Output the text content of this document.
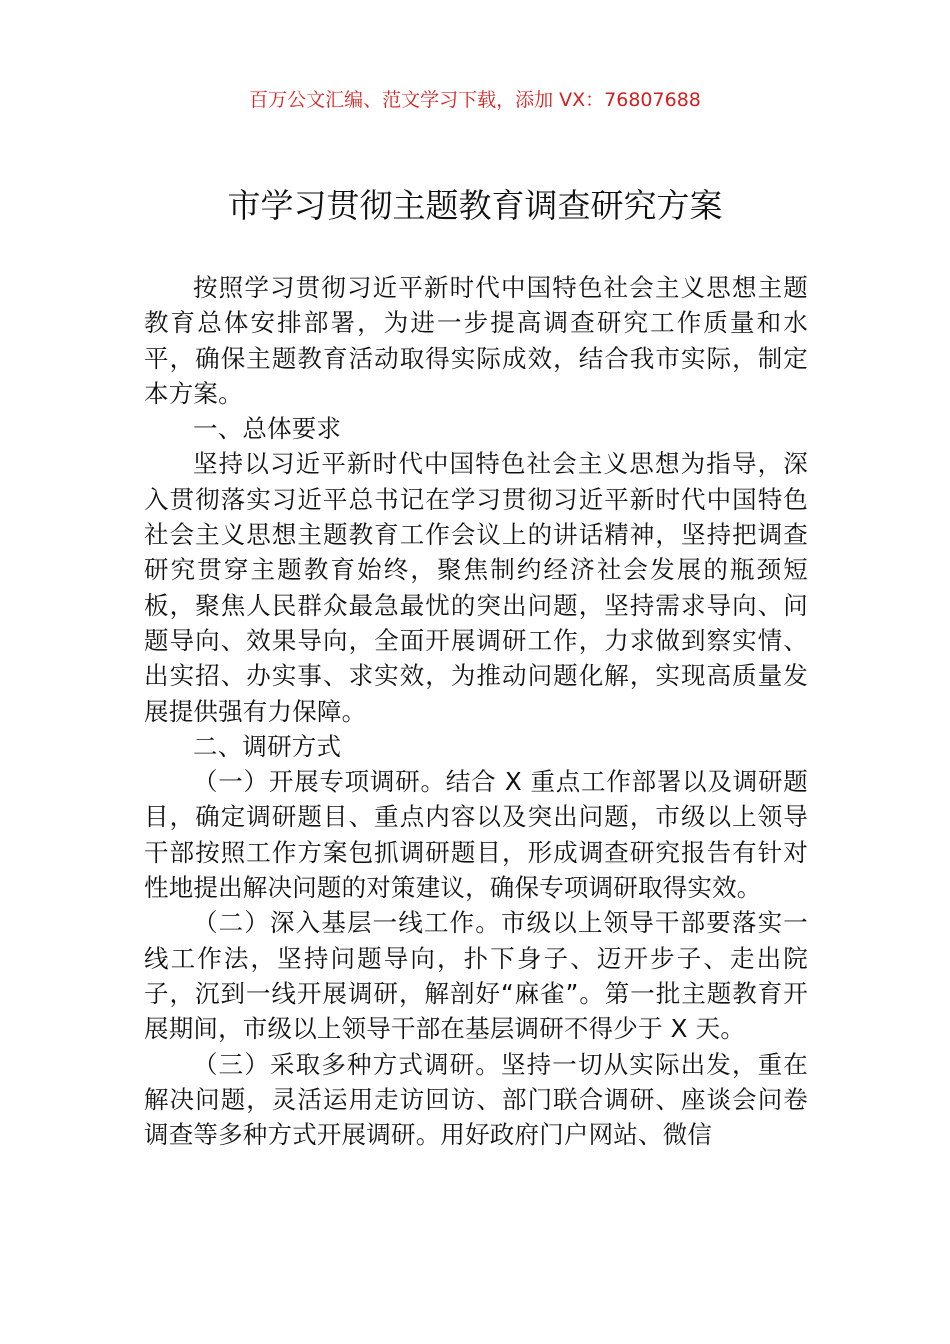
百万公文汇编、范文学习下载，添加 VX：76807688
市学习贯彻主题教育调查研究方案

按照学习贯彻习近平新时代中国特色社会主义思想主题教育总体安排部署，为进一步提高调查研究工作质量和水平，确保主题教育活动取得实际成效，结合我市实际，制定本方案。

一、总体要求

坚持以习近平新时代中国特色社会主义思想为指导，深入贯彻落实习近平总书记在学习贯彻习近平新时代中国特色社会主义思想主题教育工作会议上的讲话精神，坚持把调查研究贯穿主题教育始终，聚焦制约经济社会发展的瓶颈短板，聚焦人民群众最急最忧的突出问题，坚持需求导向、问题导向、效果导向，全面开展调研工作，力求做到察实情、出实招、办实事、求实效，为推动问题化解，实现高质量发展提供强有力保障。

二、调研方式

（一）开展专项调研。结合 X 重点工作部署以及调研题目，确定调研题目、重点内容以及突出问题，市级以上领导干部按照工作方案包抓调研题目，形成调查研究报告有针对性地提出解决问题的对策建议，确保专项调研取得实效。

（二）深入基层一线工作。市级以上领导干部要落实一线工作法，坚持问题导向，扑下身子、迈开步子、走出院子，沉到一线开展调研，解剖好“麻雀”。第一批主题教育开展期间，市级以上领导干部在基层调研不得少于 X 天。

（三）采取多种方式调研。坚持一切从实际出发，重在解决问题，灵活运用走访回访、部门联合调研、座谈会问卷调查等多种方式开展调研。用好政府门户网站、微信
